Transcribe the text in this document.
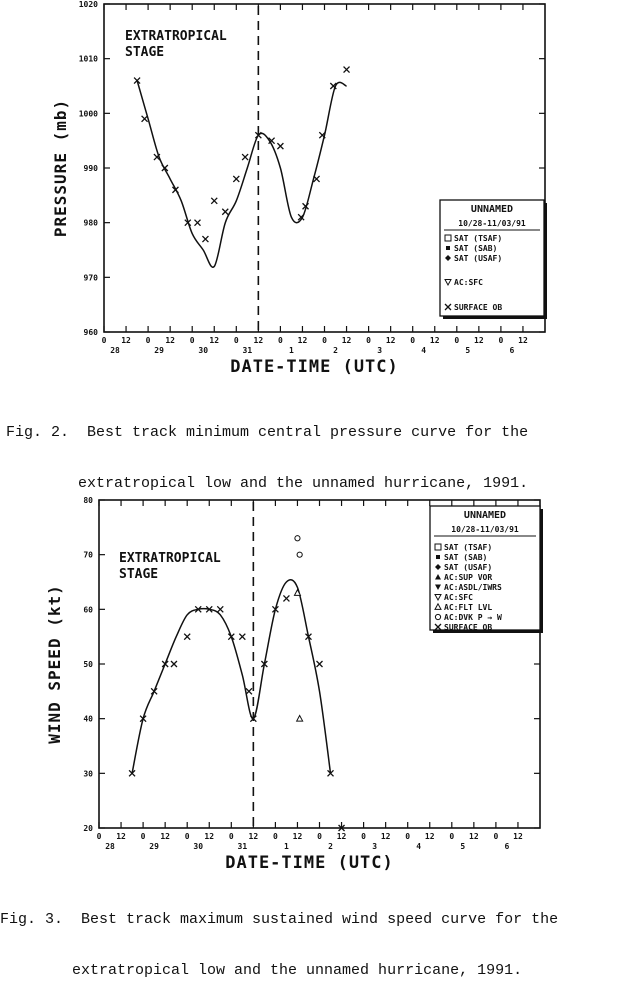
960
970
980
990
1000
1010
1020
0 12 0 12 0 12 0 12 0 12 0 12 0 12 0 12 0 12 0 12
28	29	30	31	1	2	3	4	5	6
DATE-TIME (UTC)
PRESSURE (mb)
EXTRATROPICAL
STAGE
UNNAMED
10/28-11/03/91
SAT (TSAF)
SAT (SAB)
SAT (USAF)
AC:SFC
SURFACE OB
20
30
40
50
60
70
80
0 12 0 12 0 12 0 12 0 12 0 12 0 12 0 12 0 12 0 12
28	29	30	31	1	2	3	4	5	6
DATE-TIME (UTC)
WIND SPEED (kt)
EXTRATROPICAL
STAGE
UNNAMED
10/28-11/03/91
SAT (TSAF)
SAT (SAB)
SAT (USAF)
AC:SUP VOR
AC:ASDL/IWRS
AC:SFC
AC:FLT LVL
AC:DVK P → W
SURFACE OB

Fig. 2.  Best track minimum central pressure curve for the

extratropical low and the unnamed hurricane, 1991.

Fig. 3.  Best track maximum sustained wind speed curve for the

extratropical low and the unnamed hurricane, 1991.
